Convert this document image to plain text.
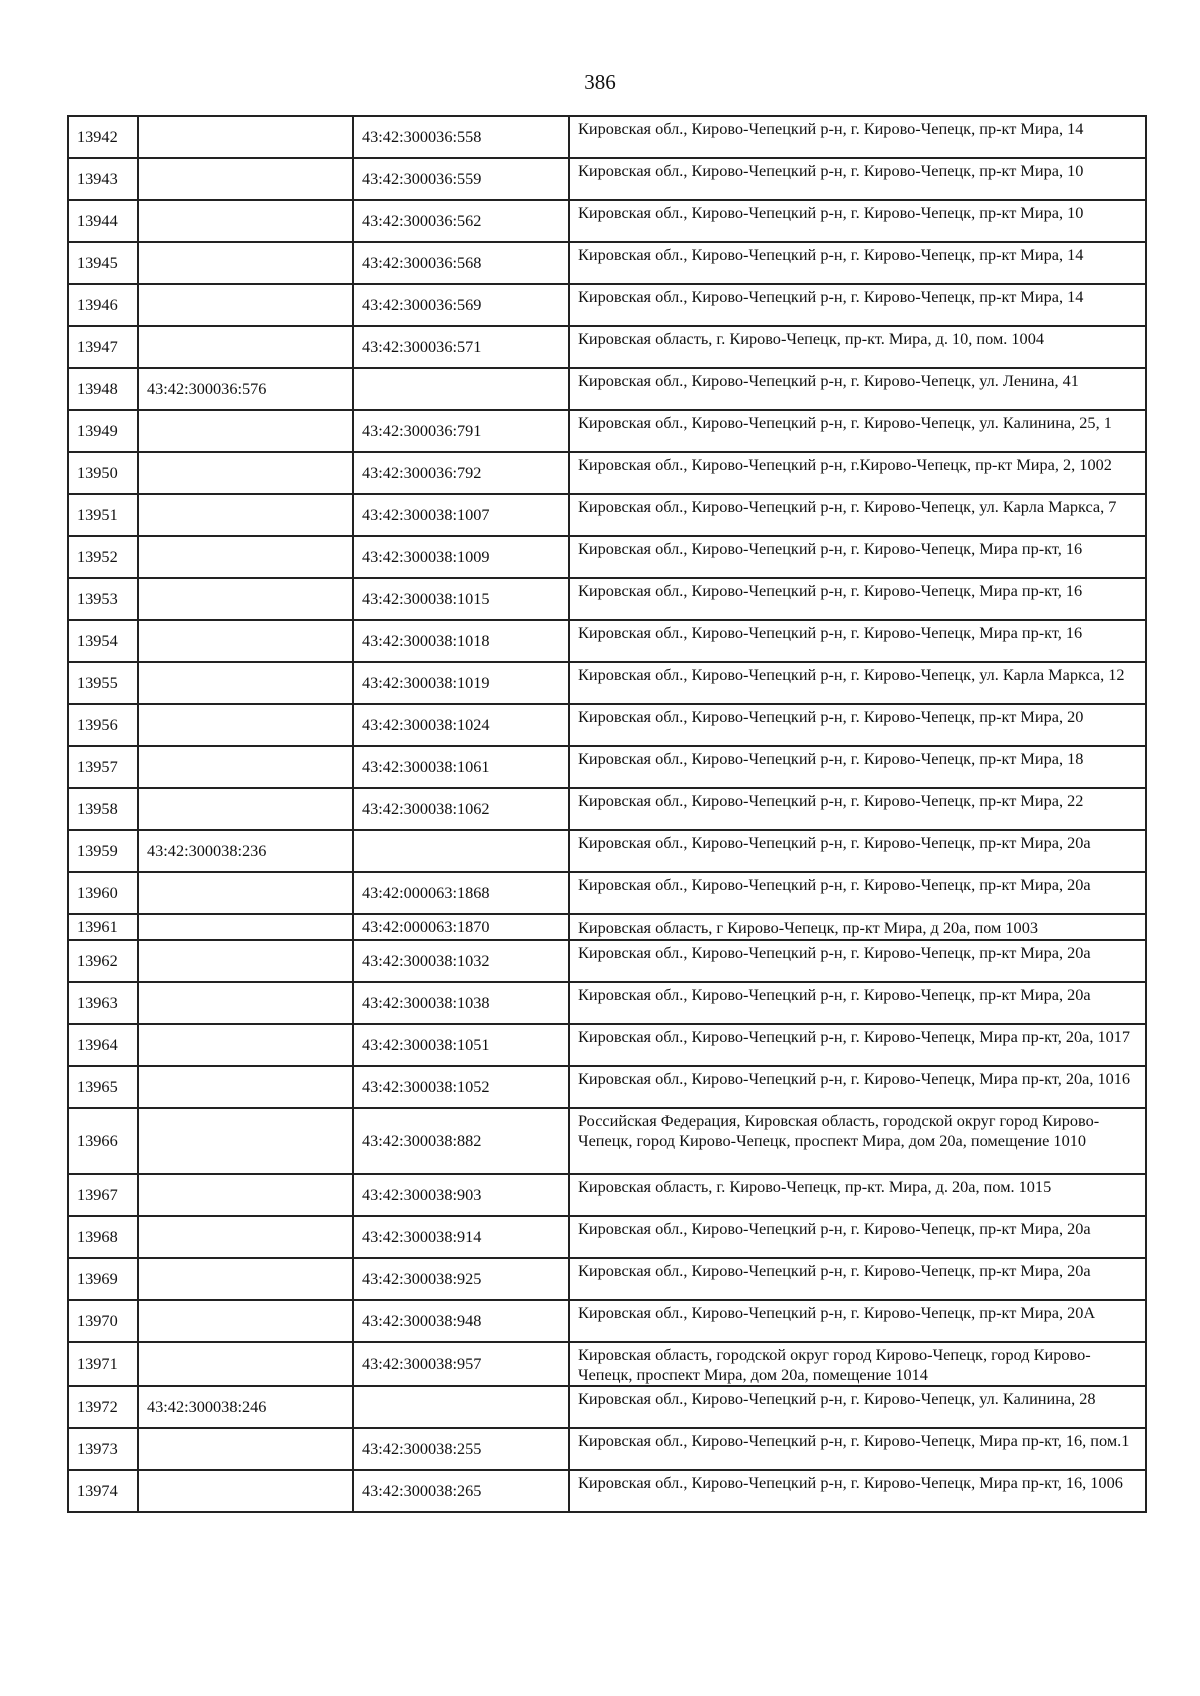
386
13942		43:42:300036:558	Кировская обл., Кирово-Чепецкий р-н, г. Кирово-Чепецк, пр-кт Мира, 14
13943		43:42:300036:559	Кировская обл., Кирово-Чепецкий р-н, г. Кирово-Чепецк, пр-кт Мира, 10
13944		43:42:300036:562	Кировская обл., Кирово-Чепецкий р-н, г. Кирово-Чепецк, пр-кт Мира, 10
13945		43:42:300036:568	Кировская обл., Кирово-Чепецкий р-н, г. Кирово-Чепецк, пр-кт Мира, 14
13946		43:42:300036:569	Кировская обл., Кирово-Чепецкий р-н, г. Кирово-Чепецк, пр-кт Мира, 14
13947		43:42:300036:571	Кировская область, г. Кирово-Чепецк, пр-кт. Мира, д. 10, пом. 1004
13948	43:42:300036:576		Кировская обл., Кирово-Чепецкий р-н, г. Кирово-Чепецк, ул. Ленина, 41
13949		43:42:300036:791	Кировская обл., Кирово-Чепецкий р-н, г. Кирово-Чепецк, ул. Калинина, 25, 1
13950		43:42:300036:792	Кировская обл., Кирово-Чепецкий р-н, г.Кирово-Чепецк, пр-кт Мира, 2, 1002
13951		43:42:300038:1007	Кировская обл., Кирово-Чепецкий р-н, г. Кирово-Чепецк, ул. Карла Маркса, 7
13952		43:42:300038:1009	Кировская обл., Кирово-Чепецкий р-н, г. Кирово-Чепецк, Мира пр-кт, 16
13953		43:42:300038:1015	Кировская обл., Кирово-Чепецкий р-н, г. Кирово-Чепецк, Мира пр-кт, 16
13954		43:42:300038:1018	Кировская обл., Кирово-Чепецкий р-н, г. Кирово-Чепецк, Мира пр-кт, 16
13955		43:42:300038:1019	Кировская обл., Кирово-Чепецкий р-н, г. Кирово-Чепецк, ул. Карла Маркса, 12
13956		43:42:300038:1024	Кировская обл., Кирово-Чепецкий р-н, г. Кирово-Чепецк, пр-кт Мира, 20
13957		43:42:300038:1061	Кировская обл., Кирово-Чепецкий р-н, г. Кирово-Чепецк, пр-кт Мира, 18
13958		43:42:300038:1062	Кировская обл., Кирово-Чепецкий р-н, г. Кирово-Чепецк, пр-кт Мира, 22
13959	43:42:300038:236		Кировская обл., Кирово-Чепецкий р-н, г. Кирово-Чепецк, пр-кт Мира, 20а
13960		43:42:000063:1868	Кировская обл., Кирово-Чепецкий р-н, г. Кирово-Чепецк, пр-кт Мира, 20а
13961		43:42:000063:1870	Кировская область, г Кирово-Чепецк, пр-кт Мира, д 20а, пом 1003
13962		43:42:300038:1032	Кировская обл., Кирово-Чепецкий р-н, г. Кирово-Чепецк, пр-кт Мира, 20а
13963		43:42:300038:1038	Кировская обл., Кирово-Чепецкий р-н, г. Кирово-Чепецк, пр-кт Мира, 20а
13964		43:42:300038:1051	Кировская обл., Кирово-Чепецкий р-н, г. Кирово-Чепецк, Мира пр-кт, 20а, 1017
13965		43:42:300038:1052	Кировская обл., Кирово-Чепецкий р-н, г. Кирово-Чепецк, Мира пр-кт, 20а, 1016
13966		43:42:300038:882	Российская Федерация, Кировская область, городской округ город Кирово-Чепецк, город Кирово-Чепецк, проспект Мира, дом 20а, помещение 1010
13967		43:42:300038:903	Кировская область, г. Кирово-Чепецк, пр-кт. Мира, д. 20а, пом. 1015
13968		43:42:300038:914	Кировская обл., Кирово-Чепецкий р-н, г. Кирово-Чепецк, пр-кт Мира, 20а
13969		43:42:300038:925	Кировская обл., Кирово-Чепецкий р-н, г. Кирово-Чепецк, пр-кт Мира, 20а
13970		43:42:300038:948	Кировская обл., Кирово-Чепецкий р-н, г. Кирово-Чепецк, пр-кт Мира, 20А
13971		43:42:300038:957	Кировская область, городской округ город Кирово-Чепецк, город Кирово-Чепецк, проспект Мира, дом 20а, помещение 1014
13972	43:42:300038:246		Кировская обл., Кирово-Чепецкий р-н, г. Кирово-Чепецк, ул. Калинина, 28
13973		43:42:300038:255	Кировская обл., Кирово-Чепецкий р-н, г. Кирово-Чепецк, Мира пр-кт, 16, пом.1
13974		43:42:300038:265	Кировская обл., Кирово-Чепецкий р-н, г. Кирово-Чепецк, Мира пр-кт, 16, 1006
